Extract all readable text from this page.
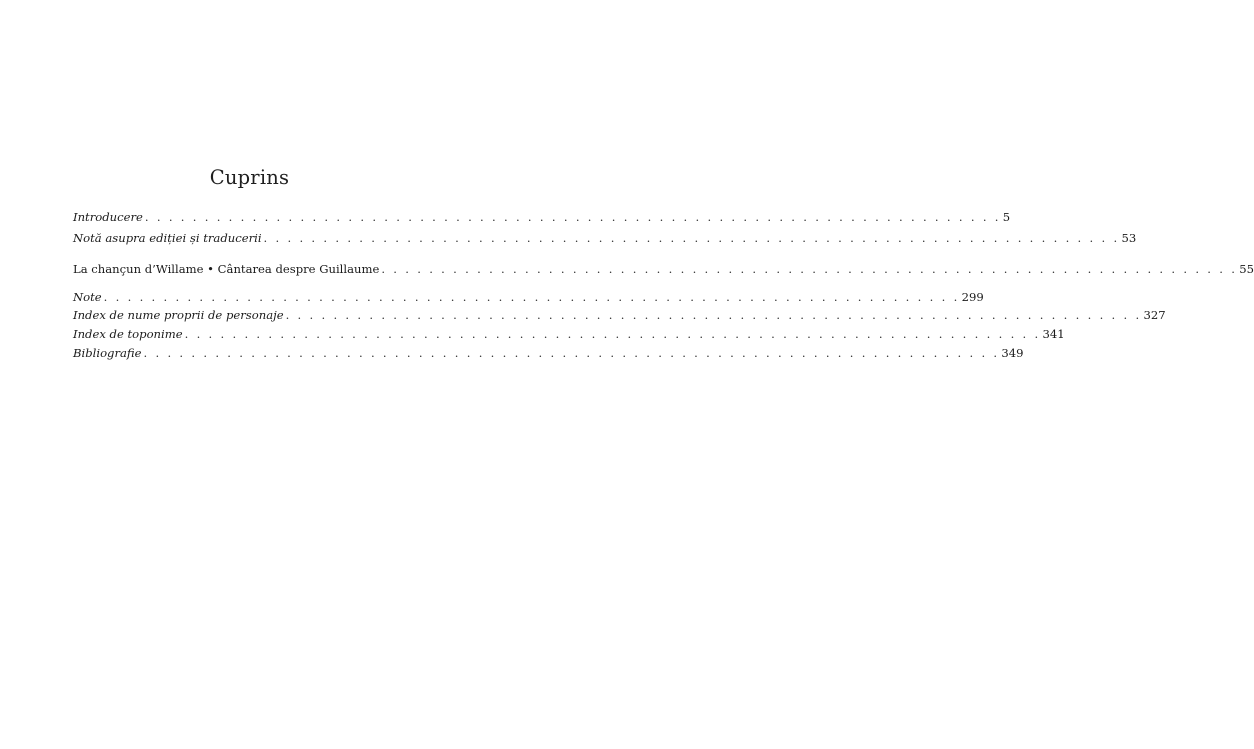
Cuprins
Introducere . . . . . . . . . . . . . . . . . . . . . . . . . . . . . . . . . . . . . . . . . . . . . . . . . . . . . . . . . . . . . . . . . . . . . . . . 5
Notă asupra ediției și traducerii . . . . . . . . . . . . . . . . . . . . . . . . . . . . . . . . . . . . . . . . . . . . . . . . . . . . . . . . . . . . . . . . . . . . . . . . 53
La chançun d’Willame • Cântarea despre Guillaume . . . . . . . . . . . . . . . . . . . . . . . . . . . . . . . . . . . . . . . . . . . . . . . . . . . . . . . . . . . . . . . . . . . . . . . . 55
Note . . . . . . . . . . . . . . . . . . . . . . . . . . . . . . . . . . . . . . . . . . . . . . . . . . . . . . . . . . . . . . . . . . . . . . . . 299
Index de nume proprii de personaje . . . . . . . . . . . . . . . . . . . . . . . . . . . . . . . . . . . . . . . . . . . . . . . . . . . . . . . . . . . . . . . . . . . . . . . . 327
Index de toponime . . . . . . . . . . . . . . . . . . . . . . . . . . . . . . . . . . . . . . . . . . . . . . . . . . . . . . . . . . . . . . . . . . . . . . . . 341
Bibliografie . . . . . . . . . . . . . . . . . . . . . . . . . . . . . . . . . . . . . . . . . . . . . . . . . . . . . . . . . . . . . . . . . . . . . . . . 349
